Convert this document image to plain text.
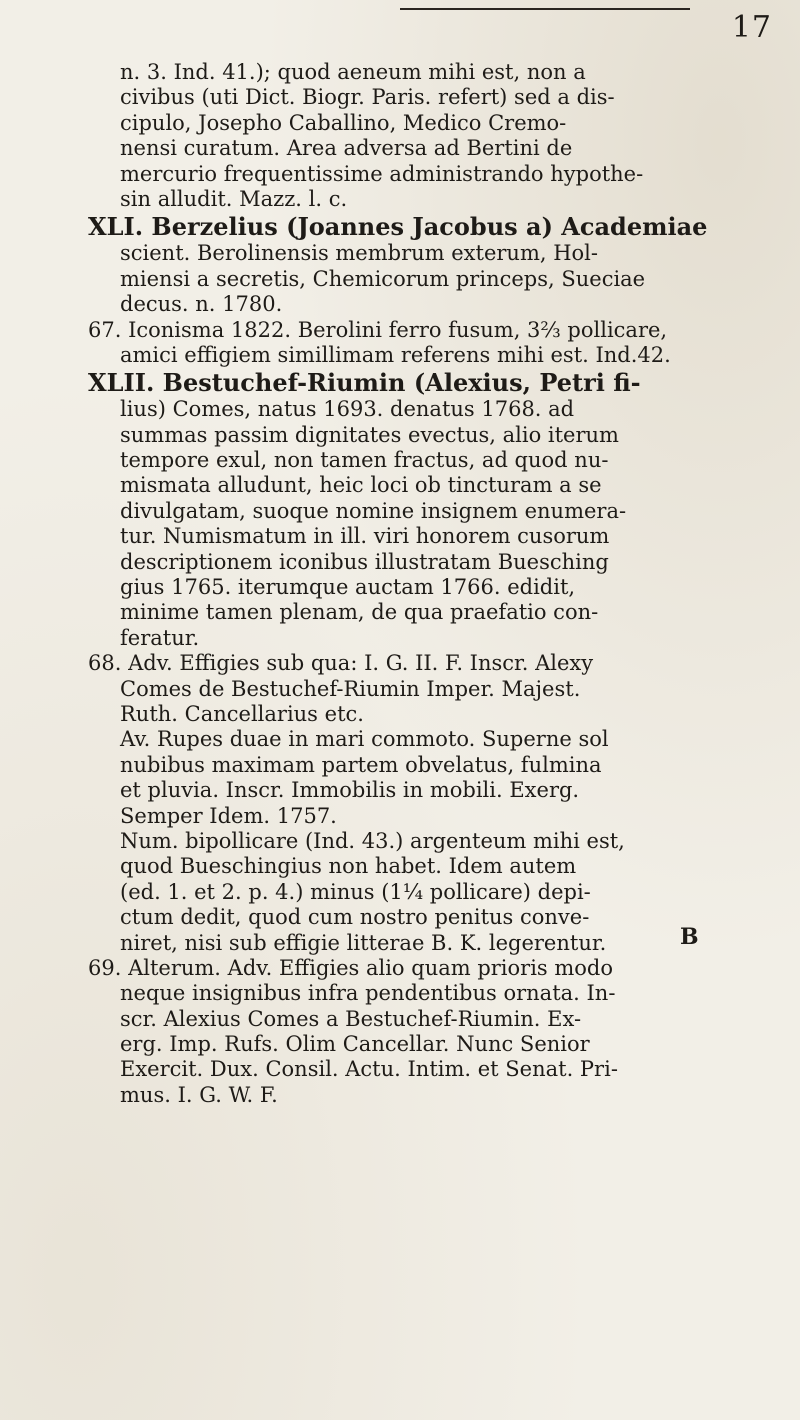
17
n. 3. Ind. 41.); quod aeneum mihi est, non a
civibus (uti Dict. Biogr. Paris. refert) sed a dis-
cipulo, Josepho Caballino, Medico Cremo-
nensi curatum. Area adversa ad Bertini de
mercurio frequentissime administrando hypothe-
sin alludit. Mazz. l. c.
XLI. Berzelius (Joannes Jacobus a) Academiae
scient. Berolinensis membrum exterum, Hol-
miensi a secretis, Chemicorum princeps, Sueciae
decus. n. 1780.
67. Iconisma 1822. Berolini ferro fusum, 3⅔ pollicare,
amici effigiem simillimam referens mihi est. Ind.42.
XLII. Bestuchef-Riumin (Alexius, Petri fi-
lius) Comes, natus 1693. denatus 1768. ad
summas passim dignitates evectus, alio iterum
tempore exul, non tamen fractus, ad quod nu-
mismata alludunt, heic loci ob tincturam a se
divulgatam, suoque nomine insignem enumera-
tur. Numismatum in ill. viri honorem cusorum
descriptionem iconibus illustratam Buesching
gius 1765. iterumque auctam 1766. edidit,
minime tamen plenam, de qua praefatio con-
feratur.
68. Adv. Effigies sub qua: I. G. II. F. Inscr. Alexy
Comes de Bestuchef-Riumin Imper. Majest.
Ruth. Cancellarius etc.
Av. Rupes duae in mari commoto. Superne sol
nubibus maximam partem obvelatus, fulmina
et pluvia. Inscr. Immobilis in mobili. Exerg.
Semper Idem. 1757.
Num. bipollicare (Ind. 43.) argenteum mihi est,
quod Bueschingius non habet. Idem autem
(ed. 1. et 2. p. 4.) minus (1¼ pollicare) depi-
ctum dedit, quod cum nostro penitus conve-
niret, nisi sub effigie litterae B. K. legerentur.
69. Alterum. Adv. Effigies alio quam prioris modo
neque insignibus infra pendentibus ornata. In-
scr. Alexius Comes a Bestuchef-Riumin. Ex-
erg. Imp. Rufs. Olim Cancellar. Nunc Senior
Exercit. Dux. Consil. Actu. Intim. et Senat. Pri-
mus. I. G. W. F.
B
